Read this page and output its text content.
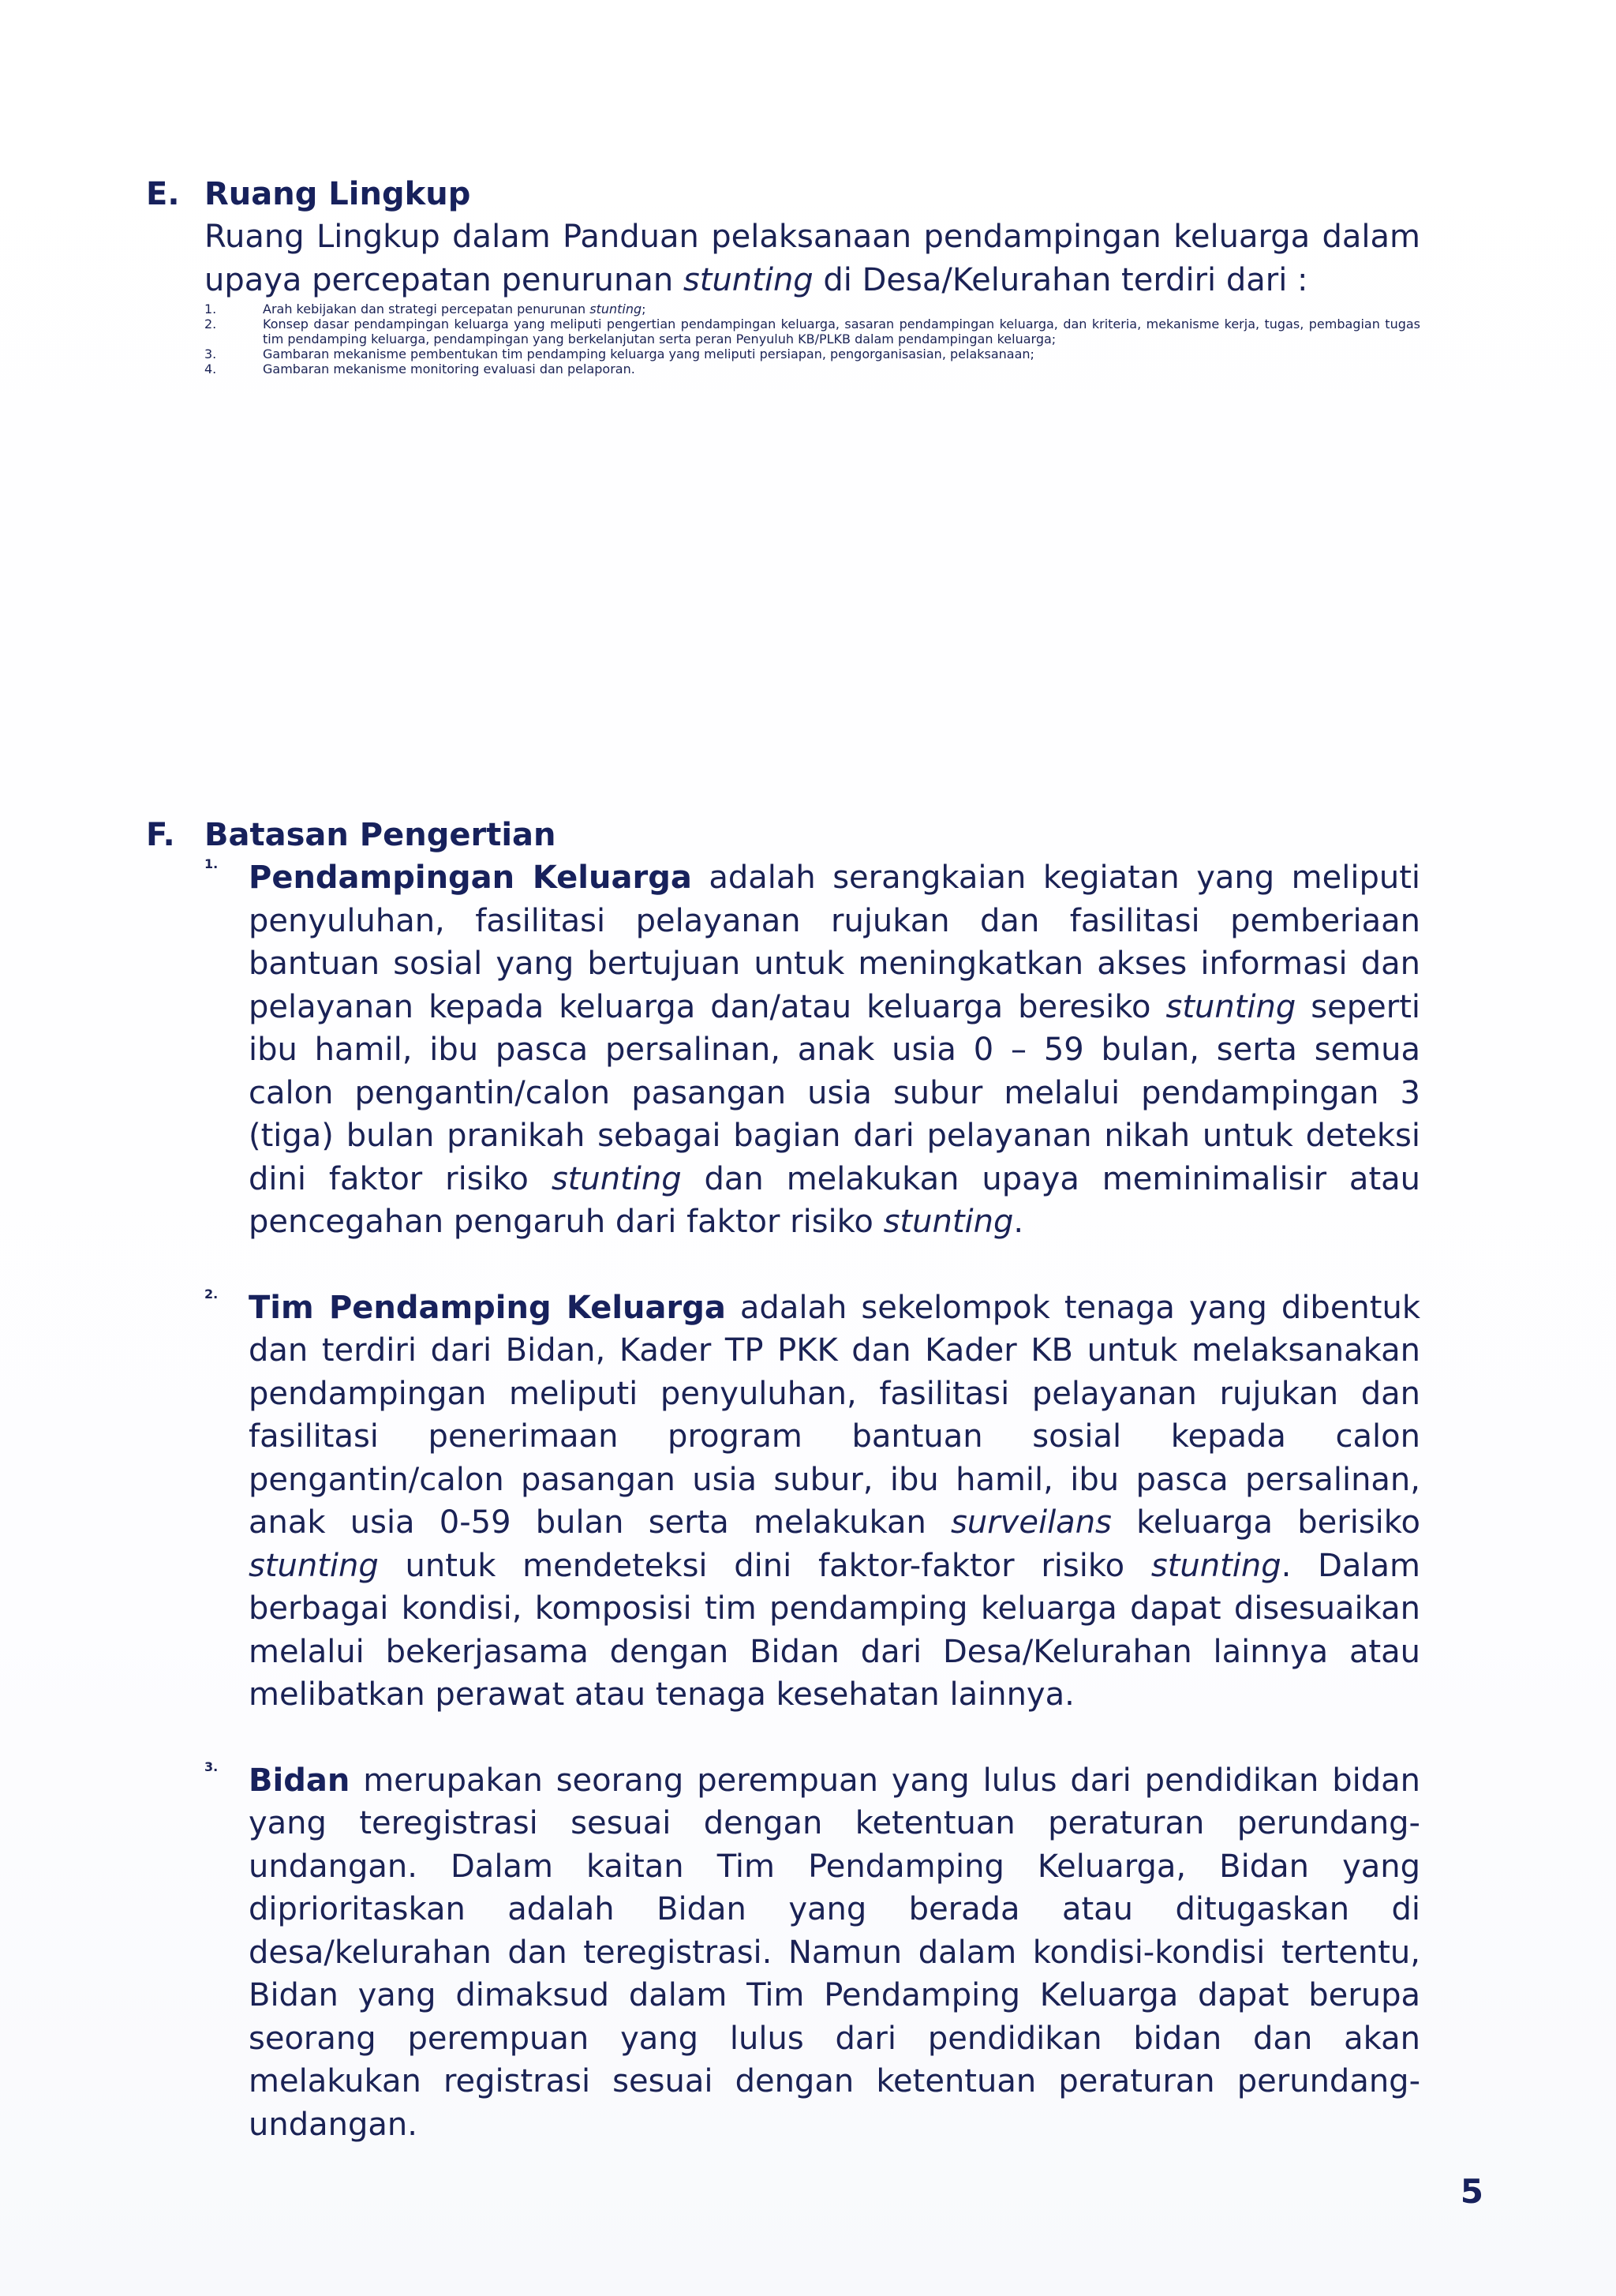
E. Ruang Lingkup

Ruang Lingkup dalam Panduan pelaksanaan pendampingan keluarga dalam upaya percepatan penurunan stunting di Desa/Kelurahan terdiri dari :

1.	Arah kebijakan dan strategi percepatan penurunan stunting;
2.	Konsep dasar pendampingan keluarga yang meliputi pengertian pendampingan keluarga, sasaran pendampingan keluarga, dan kriteria, mekanisme kerja, tugas, pembagian tugas tim pendamping keluarga, pendampingan yang berkelanjutan serta peran Penyuluh KB/PLKB dalam pendampingan keluarga;
3.	Gambaran mekanisme pembentukan tim pendamping keluarga yang meliputi persiapan, pengorganisasian, pelaksanaan;
4.	Gambaran mekanisme monitoring evaluasi dan pelaporan.
F. Batasan Pengertian
1. Pendampingan Keluarga adalah serangkaian kegiatan yang meliputi penyuluhan, fasilitasi pelayanan rujukan dan fasilitasi pemberiaan bantuan sosial yang bertujuan untuk meningkatkan akses informasi dan pelayanan kepada keluarga dan/atau keluarga beresiko stunting seperti ibu hamil, ibu pasca persalinan, anak usia 0 – 59 bulan, serta semua calon pengantin/calon pasangan usia subur melalui pendampingan 3 (tiga) bulan pranikah sebagai bagian dari pelayanan nikah untuk deteksi dini faktor risiko stunting dan melakukan upaya meminimalisir atau pencegahan pengaruh dari faktor risiko stunting.

2. Tim Pendamping Keluarga adalah sekelompok tenaga yang dibentuk dan terdiri dari Bidan, Kader TP PKK dan Kader KB untuk melaksanakan pendampingan meliputi penyuluhan, fasilitasi pelayanan rujukan dan fasilitasi penerimaan program bantuan sosial kepada calon pengantin/calon pasangan usia subur, ibu hamil, ibu pasca persalinan, anak usia 0-59 bulan serta melakukan surveilans keluarga berisiko stunting untuk mendeteksi dini faktor-faktor risiko stunting. Dalam berbagai kondisi, komposisi tim pendamping keluarga dapat disesuaikan melalui bekerjasama dengan Bidan dari Desa/Kelurahan lainnya atau melibatkan perawat atau tenaga kesehatan lainnya.

3. Bidan merupakan seorang perempuan yang lulus dari pendidikan bidan yang teregistrasi sesuai dengan ketentuan peraturan perundang-undangan. Dalam kaitan Tim Pendamping Keluarga, Bidan yang diprioritaskan adalah Bidan yang berada atau ditugaskan di desa/kelurahan dan teregistrasi. Namun dalam kondisi-kondisi tertentu, Bidan yang dimaksud dalam Tim Pendamping Keluarga dapat berupa seorang perempuan yang lulus dari pendidikan bidan dan akan melakukan registrasi sesuai dengan ketentuan peraturan perundang-undangan.

5
